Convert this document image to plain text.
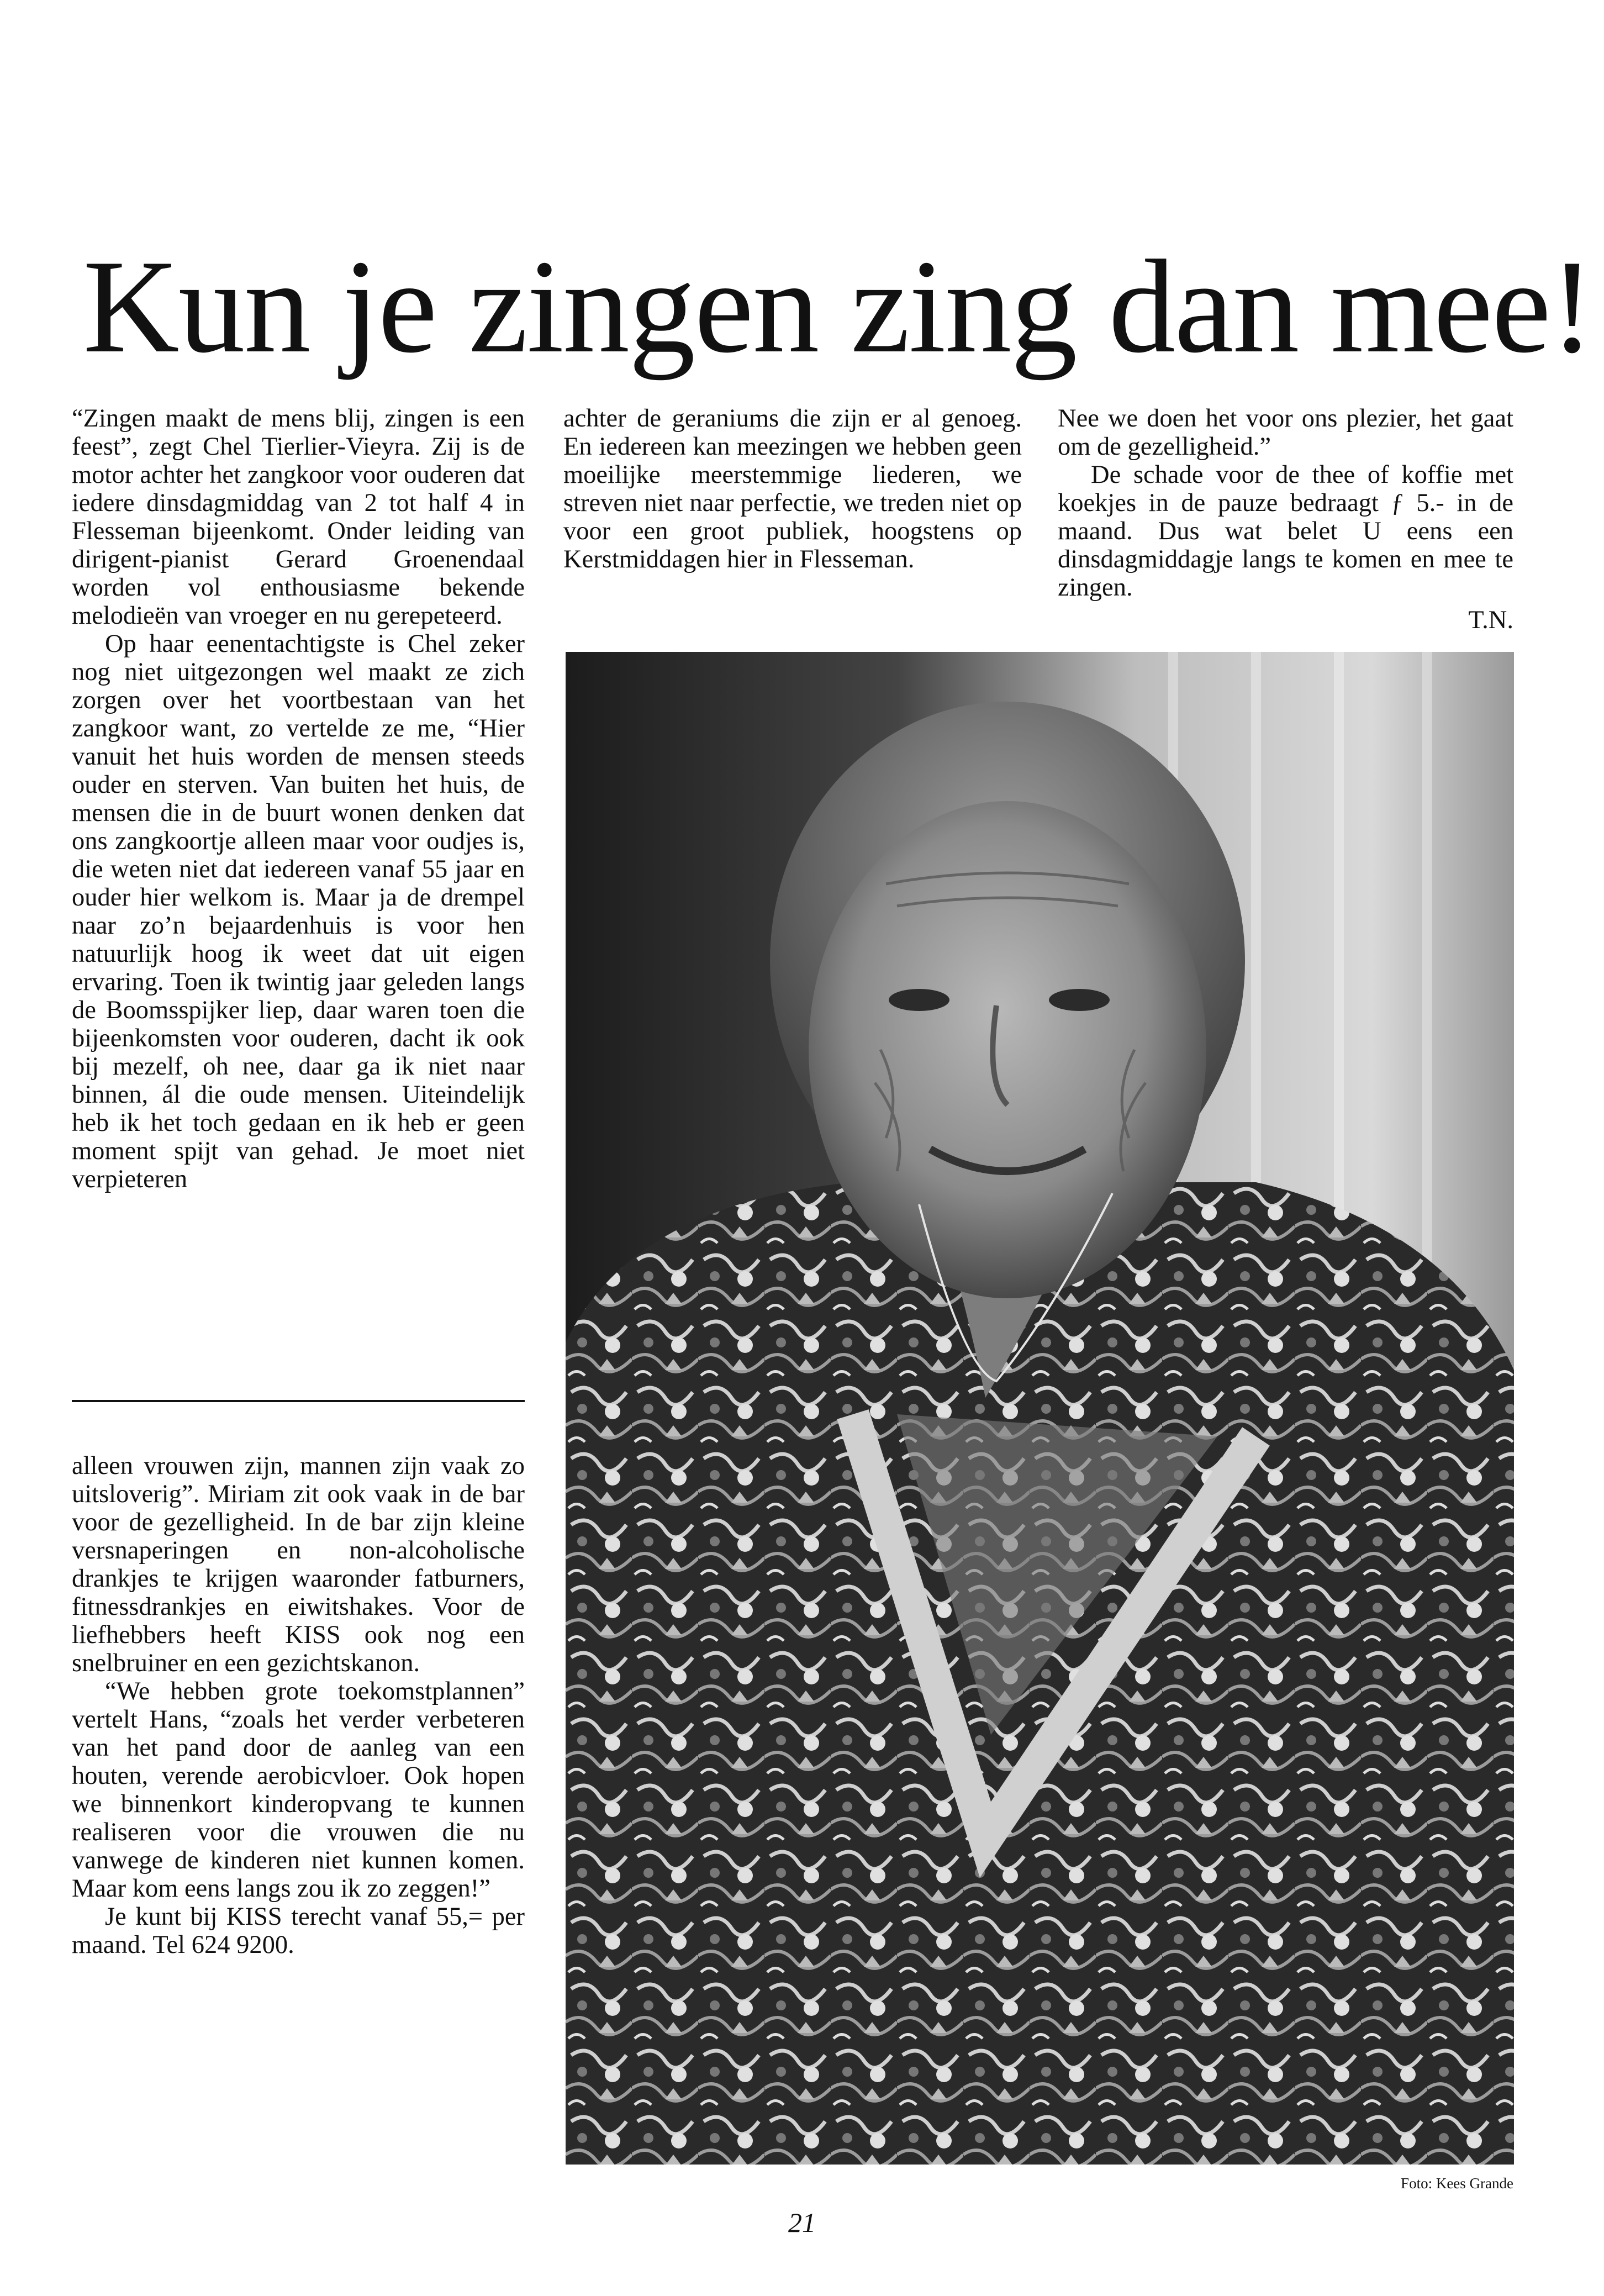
Kun je zingen zing dan mee!

“Zingen maakt de mens blij, zingen is een feest”, zegt Chel Tierlier-Vieyra. Zij is de motor achter het zangkoor voor ouderen dat iedere dinsdagmiddag van 2 tot half 4 in Flesseman bijeenkomt. Onder leiding van dirigent-pianist Gerard Groenendaal worden vol enthousiasme bekende melodieën van vroeger en nu gerepeteerd.

Op haar eenentachtigste is Chel zeker nog niet uitgezongen wel maakt ze zich zorgen over het voortbestaan van het zangkoor want, zo vertelde ze me, “Hier vanuit het huis worden de mensen steeds ouder en sterven. Van buiten het huis, de mensen die in de buurt wonen denken dat ons zangkoortje alleen maar voor oudjes is, die weten niet dat iedereen vanaf 55 jaar en ouder hier welkom is. Maar ja de drempel naar zo’n bejaardenhuis is voor hen natuurlijk hoog ik weet dat uit eigen ervaring. Toen ik twintig jaar geleden langs de Boomsspijker liep, daar waren toen die bijeenkomsten voor ouderen, dacht ik ook bij mezelf, oh nee, daar ga ik niet naar binnen, ál die oude mensen. Uiteindelijk heb ik het toch gedaan en ik heb er geen moment spijt van gehad. Je moet niet verpieteren

alleen vrouwen zijn, mannen zijn vaak zo uitsloverig”. Miriam zit ook vaak in de bar voor de gezelligheid. In de bar zijn kleine versnaperingen en non-alcoholische drankjes te krijgen waaronder fatburners, fitnessdrankjes en eiwitshakes. Voor de liefhebbers heeft KISS ook nog een snelbruiner en een gezichtskanon.

“We hebben grote toekomstplannen” vertelt Hans, “zoals het verder verbeteren van het pand door de aanleg van een houten, verende aerobicvloer. Ook hopen we binnenkort kinderopvang te kunnen realiseren voor die vrouwen die nu vanwege de kinderen niet kunnen komen. Maar kom eens langs zou ik zo zeggen!”

Je kunt bij KISS terecht vanaf 55,= per maand. Tel 624 9200.

achter de geraniums die zijn er al genoeg. En iedereen kan meezingen we hebben geen moeilijke meerstemmige liederen, we streven niet naar perfectie, we treden niet op voor een groot publiek, hoogstens op Kerstmiddagen hier in Flesseman.

Nee we doen het voor ons plezier, het gaat om de gezelligheid.”

De schade voor de thee of koffie met koekjes in de pauze bedraagt ƒ 5.- in de maand. Dus wat belet U eens een dinsdagmiddagje langs te komen en mee te zingen.

T.N.
Foto: Kees Grande
21
